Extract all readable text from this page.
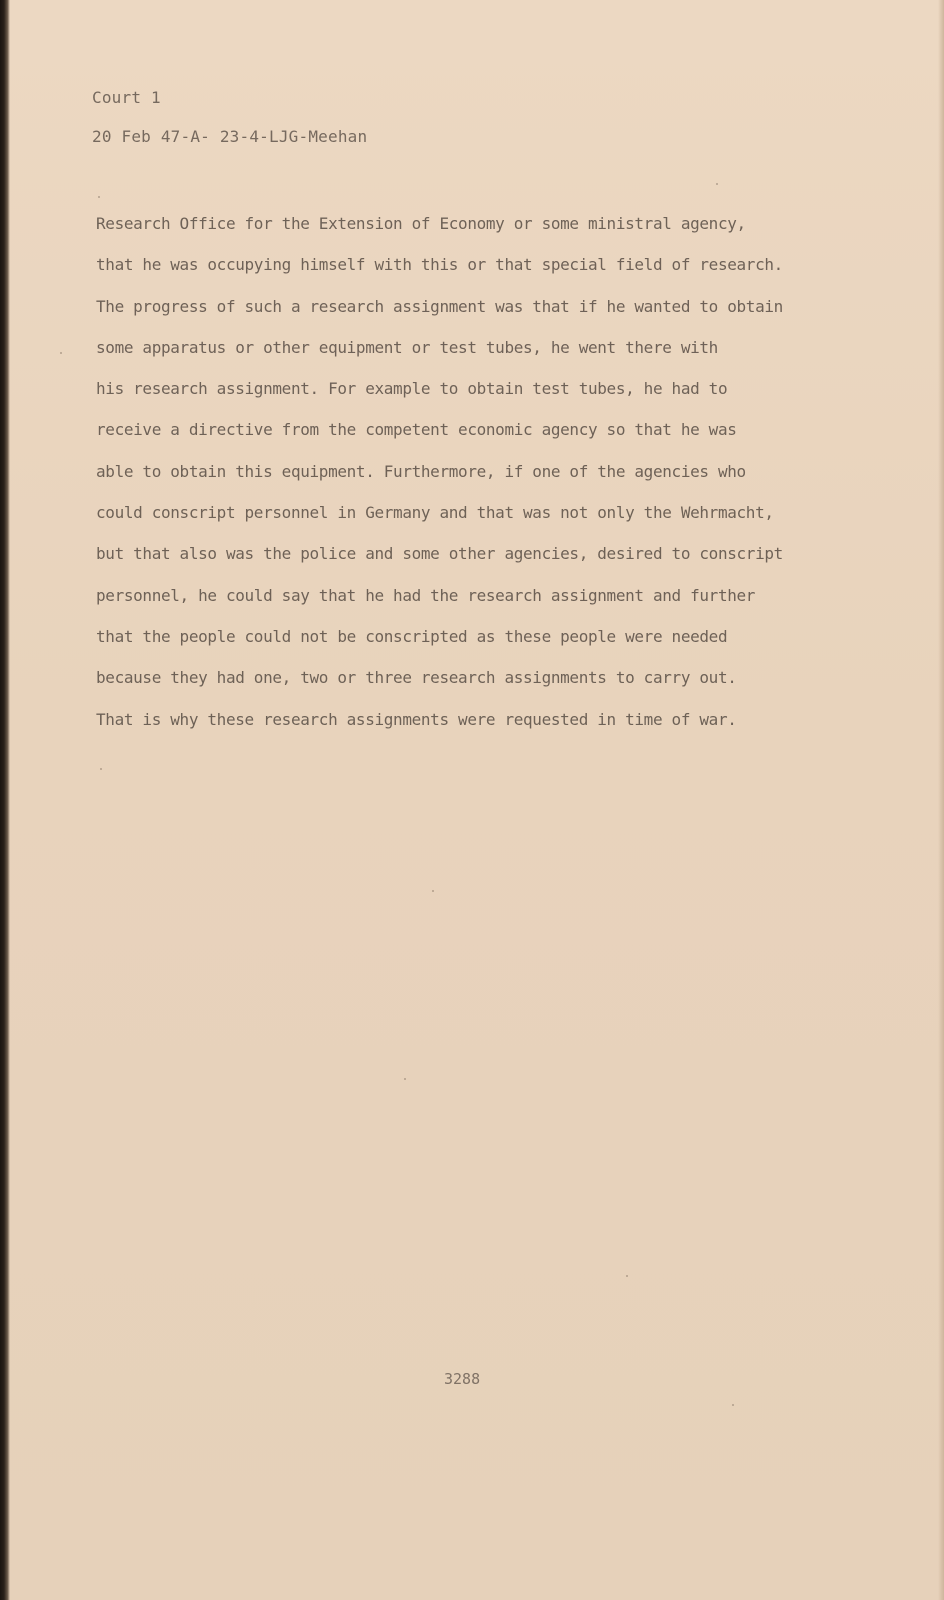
Court 1
20 Feb 47-A- 23-4-LJG-Meehan
Research Office for the Extension of Economy or some ministral agency,
that he was occupying himself with this or that special field of research.
The progress of such a research assignment was that if he wanted to obtain
some apparatus or other equipment or test tubes, he went there with
his research assignment. For example to obtain test tubes, he had to
receive a directive from the competent economic agency so that he was
able to obtain this equipment. Furthermore, if one of the agencies who
could conscript personnel in Germany and that was not only the Wehrmacht,
but that also was the police and some other agencies, desired to conscript
personnel, he could say that he had the research assignment and further
that the people could not be conscripted as these people were needed
because they had one, two or three research assignments to carry out.
That is why these research assignments were requested in time of war.
3288
